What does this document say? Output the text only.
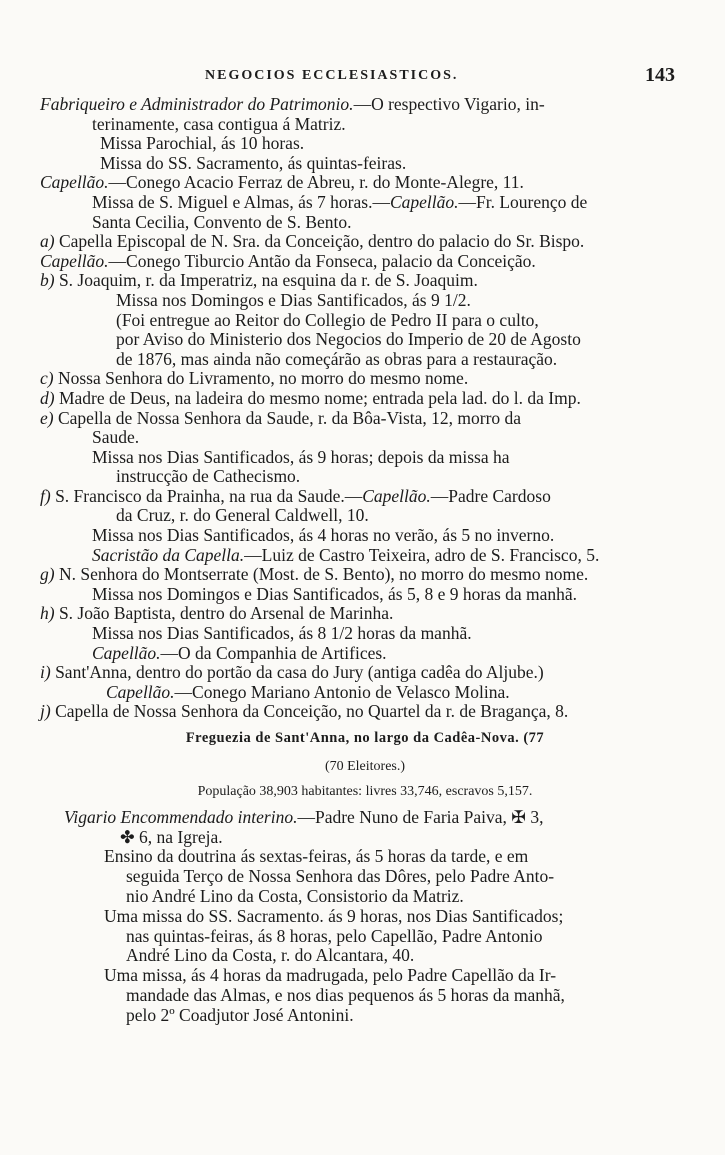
NEGOCIOS ECCLESIASTICOS.	143
Fabriqueiro e Administrador do Patrimonio.—O respectivo Vigario, in-
terinamente, casa contigua á Matriz.
Missa Parochial, ás 10 horas.
Missa do SS. Sacramento, ás quintas-feiras.
Capellão.—Conego Acacio Ferraz de Abreu, r. do Monte-Alegre, 11.
Missa de S. Miguel e Almas, ás 7 horas.—Capellão.—Fr. Lourenço de
Santa Cecilia, Convento de S. Bento.
a) Capella Episcopal de N. Sra. da Conceição, dentro do palacio do Sr. Bispo.
Capellão.—Conego Tiburcio Antão da Fonseca, palacio da Conceição.
b) S. Joaquim, r. da Imperatriz, na esquina da r. de S. Joaquim.
Missa nos Domingos e Dias Santificados, ás 9 1/2.
(Foi entregue ao Reitor do Collegio de Pedro II para o culto,
por Aviso do Ministerio dos Negocios do Imperio de 20 de Agosto
de 1876, mas ainda não começárão as obras para a restauração.
c) Nossa Senhora do Livramento, no morro do mesmo nome.
d) Madre de Deus, na ladeira do mesmo nome; entrada pela lad. do l. da Imp.
e) Capella de Nossa Senhora da Saude, r. da Bôa-Vista, 12, morro da
Saude.
Missa nos Dias Santificados, ás 9 horas; depois da missa ha
instrucção de Cathecismo.
f) S. Francisco da Prainha, na rua da Saude.—Capellão.—Padre Cardoso
da Cruz, r. do General Caldwell, 10.
Missa nos Dias Santificados, ás 4 horas no verão, ás 5 no inverno.
Sacristão da Capella.—Luiz de Castro Teixeira, adro de S. Francisco, 5.
g) N. Senhora do Montserrate (Most. de S. Bento), no morro do mesmo nome.
Missa nos Domingos e Dias Santificados, ás 5, 8 e 9 horas da manhã.
h) S. João Baptista, dentro do Arsenal de Marinha.
Missa nos Dias Santificados, ás 8 1/2 horas da manhã.
Capellão.—O da Companhia de Artifices.
i) Sant'Anna, dentro do portão da casa do Jury (antiga cadêa do Aljube.)
Capellão.—Conego Mariano Antonio de Velasco Molina.
j) Capella de Nossa Senhora da Conceição, no Quartel da r. de Bragança, 8.
Freguezia de Sant'Anna, no largo da Cadêa-Nova. (77
(70 Eleitores.)
População 38,903 habitantes: livres 33,746, escravos 5,157.
Vigario Encommendado interino.—Padre Nuno de Faria Paiva, ✠ 3,
✤ 6, na Igreja.
Ensino da doutrina ás sextas-feiras, ás 5 horas da tarde, e em
seguida Terço de Nossa Senhora das Dôres, pelo Padre Anto-
nio André Lino da Costa, Consistorio da Matriz.
Uma missa do SS. Sacramento. ás 9 horas, nos Dias Santificados;
nas quintas-feiras, ás 8 horas, pelo Capellão, Padre Antonio
André Lino da Costa, r. do Alcantara, 40.
Uma missa, ás 4 horas da madrugada, pelo Padre Capellão da Ir-
mandade das Almas, e nos dias pequenos ás 5 horas da manhã,
pelo 2º Coadjutor José Antonini.
